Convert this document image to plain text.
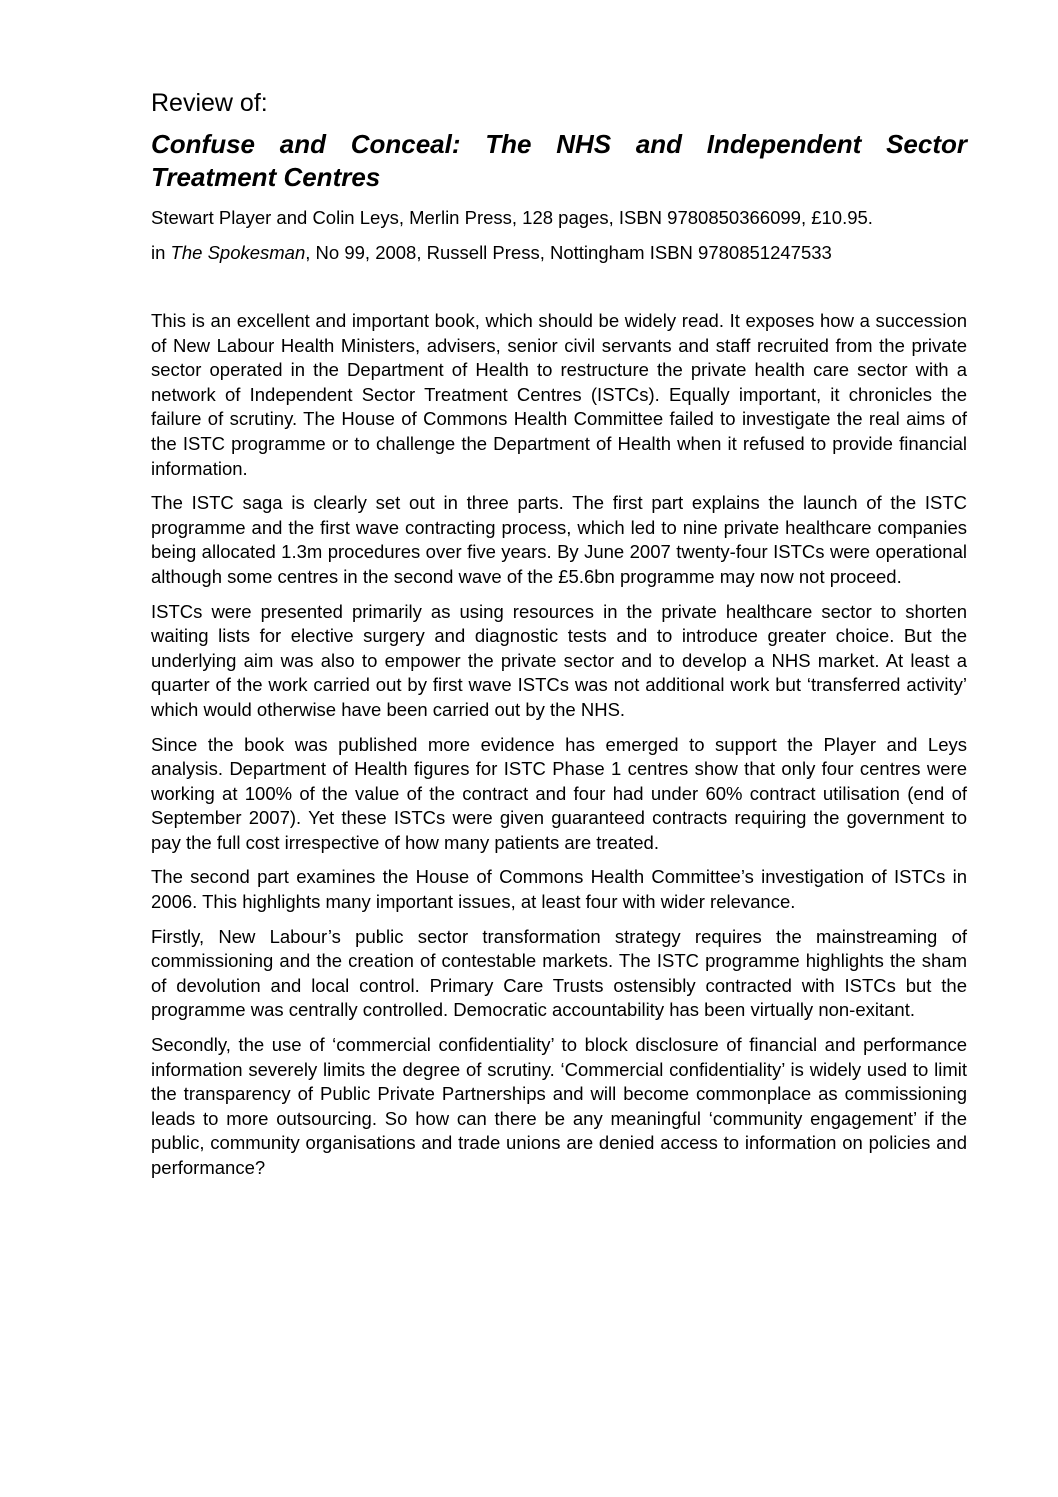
Review of:
Confuse and Conceal: The NHS and Independent Sector Treatment Centres
Stewart Player and Colin Leys, Merlin Press, 128 pages, ISBN 9780850366099, £10.95.
in The Spokesman, No 99, 2008, Russell Press, Nottingham ISBN 9780851247533

This is an excellent and important book, which should be widely read. It exposes how a succession of New Labour Health Ministers, advisers, senior civil servants and staff recruited from the private sector operated in the Department of Health to restructure the private health care sector with a network of Independent Sector Treatment Centres (ISTCs). Equally important, it chronicles the failure of scrutiny. The House of Commons Health Committee failed to investigate the real aims of the ISTC programme or to challenge the Department of Health when it refused to provide financial information.

The ISTC saga is clearly set out in three parts. The first part explains the launch of the ISTC programme and the first wave contracting process, which led to nine private healthcare companies being allocated 1.3m procedures over five years. By June 2007 twenty-four ISTCs were operational although some centres in the second wave of the £5.6bn programme may now not proceed.

ISTCs were presented primarily as using resources in the private healthcare sector to shorten waiting lists for elective surgery and diagnostic tests and to introduce greater choice. But the underlying aim was also to empower the private sector and to develop a NHS market. At least a quarter of the work carried out by first wave ISTCs was not additional work but ‘transferred activity’ which would otherwise have been carried out by the NHS.

Since the book was published more evidence has emerged to support the Player and Leys analysis. Department of Health figures for ISTC Phase 1 centres show that only four centres were working at 100% of the value of the contract and four had under 60% contract utilisation (end of September 2007). Yet these ISTCs were given guaranteed contracts requiring the government to pay the full cost irrespective of how many patients are treated.

The second part examines the House of Commons Health Committee’s investigation of ISTCs in 2006. This highlights many important issues, at least four with wider relevance.

Firstly, New Labour’s public sector transformation strategy requires the mainstreaming of commissioning and the creation of contestable markets. The ISTC programme highlights the sham of devolution and local control. Primary Care Trusts ostensibly contracted with ISTCs but the programme was centrally controlled. Democratic accountability has been virtually non-exitant.

Secondly, the use of ‘commercial confidentiality’ to block disclosure of financial and performance information severely limits the degree of scrutiny. ‘Commercial confidentiality’ is widely used to limit the transparency of Public Private Partnerships and will become commonplace as commissioning leads to more outsourcing. So how can there be any meaningful ‘community engagement’ if the public, community organisations and trade unions are denied access to information on policies and performance?
